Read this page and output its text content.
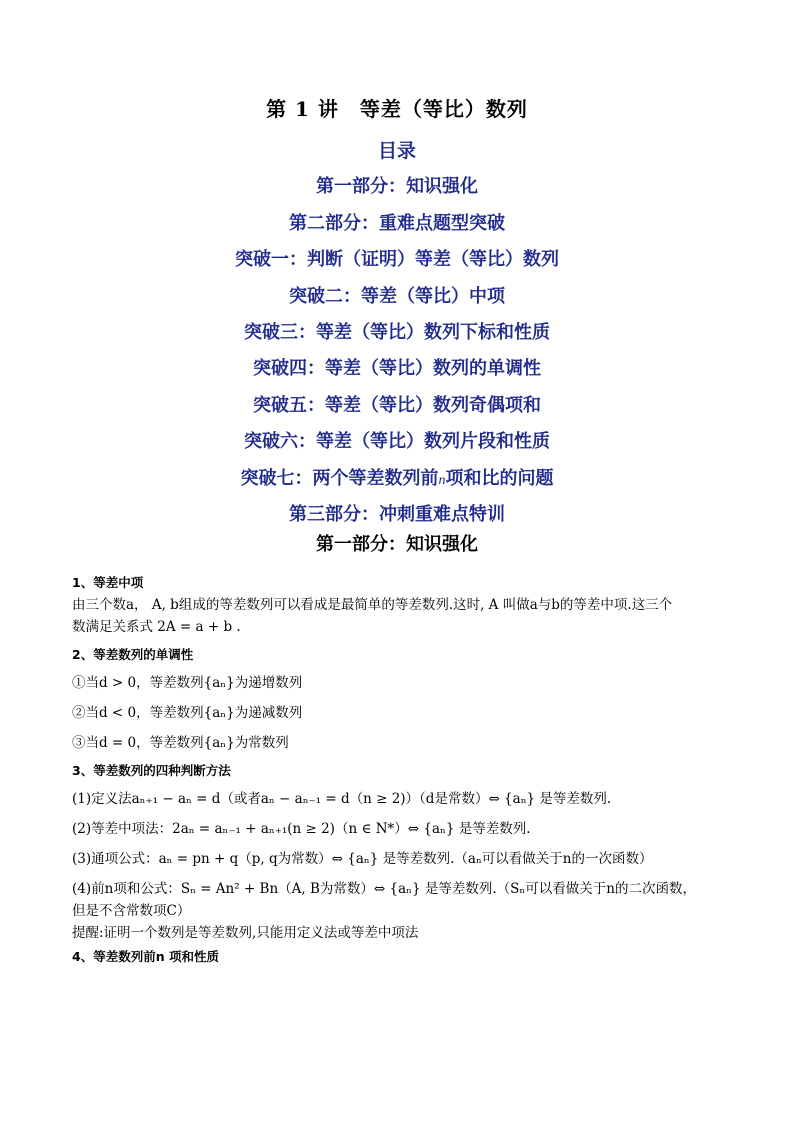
第 1 讲　等差（等比）数列
目录
第一部分：知识强化
第二部分：重难点题型突破
突破一：判断（证明）等差（等比）数列
突破二：等差（等比）中项
突破三：等差（等比）数列下标和性质
突破四：等差（等比）数列的单调性
突破五：等差（等比）数列奇偶项和
突破六：等差（等比）数列片段和性质
突破七：两个等差数列前n项和比的问题
第三部分：冲刺重难点特训
第一部分：知识强化
1、等差中项
由三个数a， A, b组成的等差数列可以看成是最简单的等差数列.这时, A 叫做a与b的等差中项.这三个
数满足关系式 2A = a + b .
2、等差数列的单调性
①当d > 0，等差数列{aₙ}为递增数列
②当d < 0，等差数列{aₙ}为递减数列
③当d = 0，等差数列{aₙ}为常数列
3、等差数列的四种判断方法
(1)定义法aₙ₊₁ − aₙ = d（或者aₙ − aₙ₋₁ = d（n ≥ 2)）（d是常数）⇔ {aₙ} 是等差数列.
(2)等差中项法：2aₙ = aₙ₋₁ + aₙ₊₁(n ≥ 2)（n ∈ N*）⇔ {aₙ} 是等差数列.
(3)通项公式：aₙ = pn + q（p, q为常数）⇔ {aₙ} 是等差数列.（aₙ可以看做关于n的一次函数）
(4)前n项和公式：Sₙ = An² + Bn（A, B为常数）⇔ {aₙ} 是等差数列.（Sₙ可以看做关于n的二次函数，
但是不含常数项C）
提醒:证明一个数列是等差数列,只能用定义法或等差中项法
4、等差数列前n 项和性质
